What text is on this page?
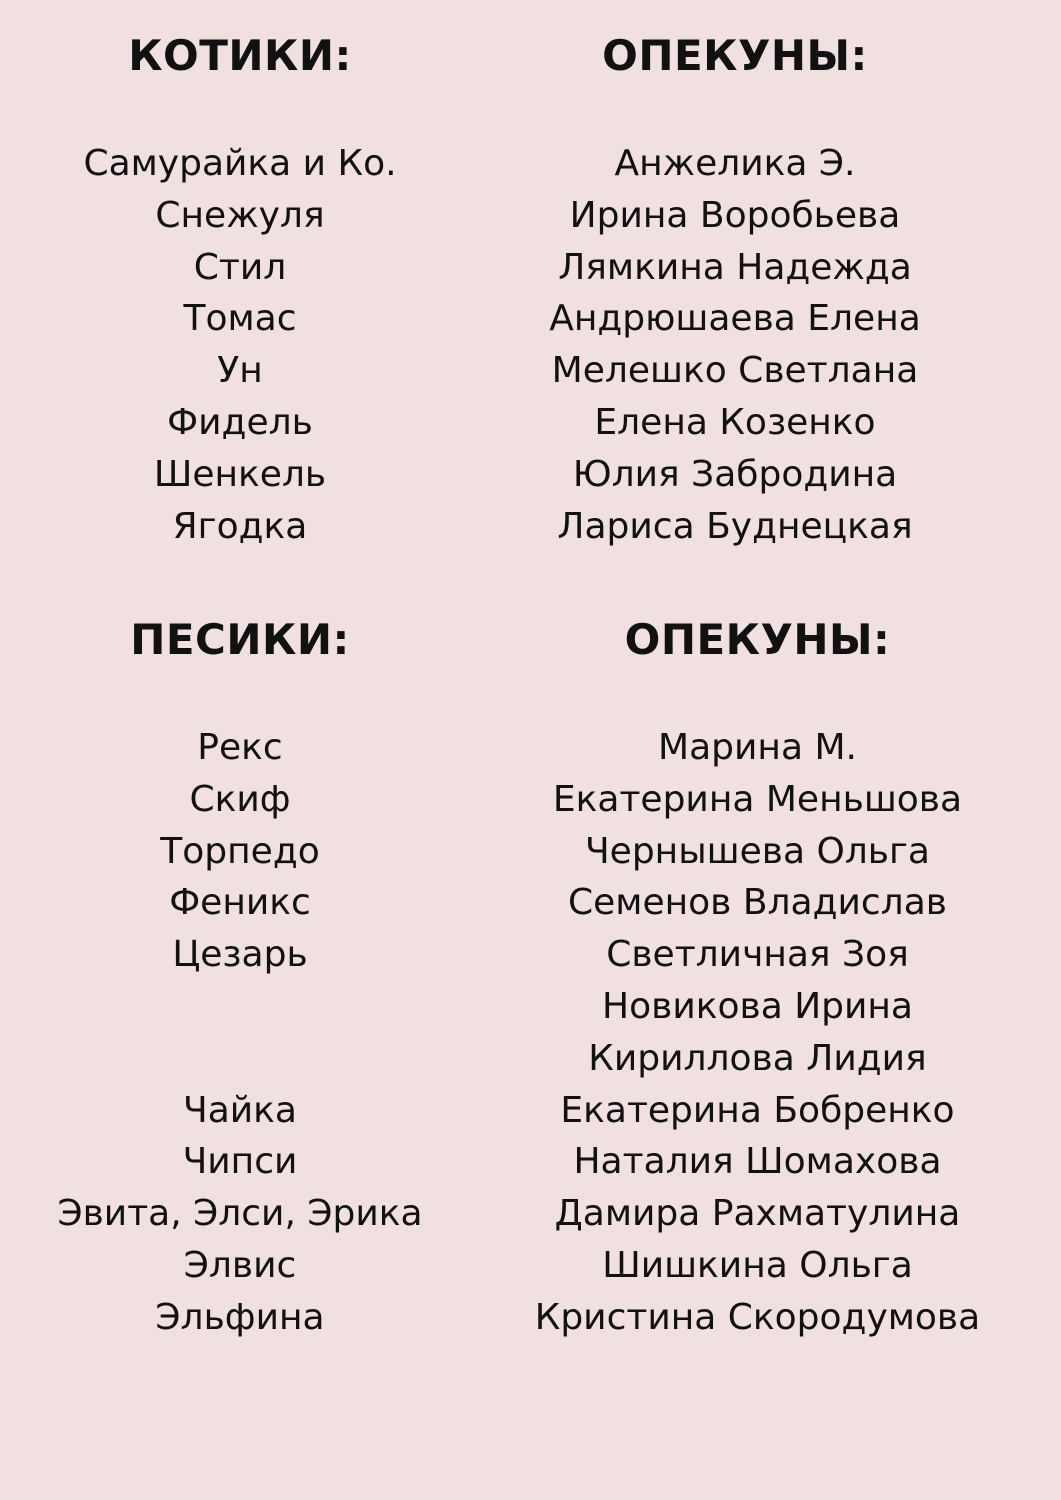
КОТИКИ:
Самурайка и Ко.
Снежуля
Стил
Томас
Ун
Фидель
Шенкель
Ягодка
ОПЕКУНЫ:
Анжелика Э.
Ирина Воробьева
Лямкина Надежда
Андрюшаева Елена
Мелешко Светлана
Елена Козенко
Юлия Забродина
Лариса Буднецкая
ПЕСИКИ:
Рекс
Скиф
Торпедо
Феникс
Цезарь
Чайка
Чипси
Эвита, Элси, Эрика
Элвис
Эльфина
ОПЕКУНЫ:
Марина М.
Екатерина Меньшова
Чернышева Ольга
Семенов Владислав
Светличная Зоя
Новикова Ирина
Кириллова Лидия
Екатерина Бобренко
Наталия Шомахова
Дамира Рахматулина
Шишкина Ольга
Кристина Скородумова
